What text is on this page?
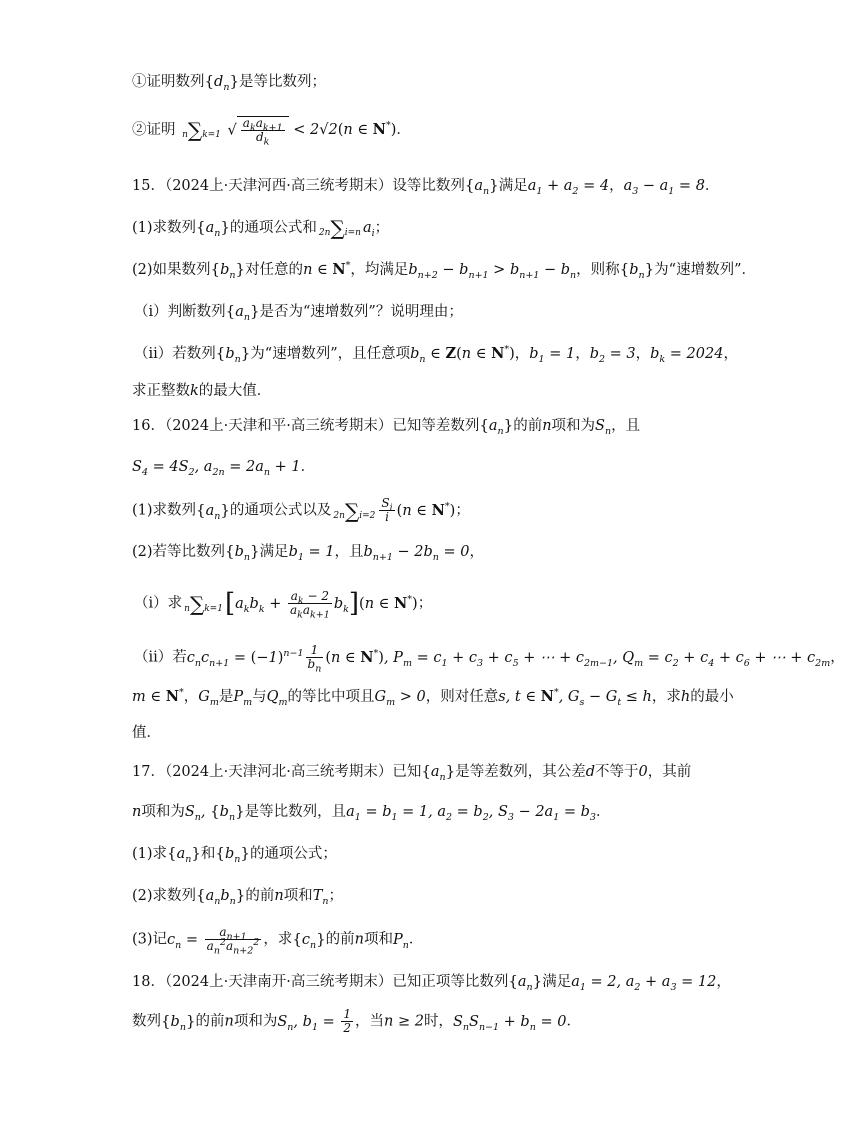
①证明数列$\{d_n\}$是等比数列；
②证明 n∑k=1 √ $\frac{a_ka_{k+1}}{d_k} < 2√2(n$ ∈ N*)．
15．（2024上·天津河西·高三统考期末）设等比数列$\{a_n\}$满足$a_1 + a_2 = 4$，$a_3 - a_1 = 8$．
(1)求数列$\{a_n\}$的通项公式和 2n∑i=n $a_i$；
(2)如果数列$\{b_n\}$对任意的n ∈ N*，均满足$b_{n+2} - b_{n+1} > b_{n+1} - b_n$，则称$\{b_n\}$为“速增数列”．
（ⅰ）判断数列$\{a_n\}$是否为“速增数列”？说明理由；
（ⅱ）若数列$\{b_n\}$为“速增数列”，且任意项$b_n$ ∈ Z(n ∈ N*)，$b_1 = 1$，$b_2 = 3$，$b_k = 2024$，
求正整数k的最大值．
16．（2024上·天津和平·高三统考期末）已知等差数列$\{a_n\}$的前n项和为$S_n$，且
$S_4 = 4S_2$, $a_{2n} = 2a_n + 1$．
(1)求数列$\{a_n\}$的通项公式以及 $2n\sum i=2 \frac{S_i}{i} (n$ ∈ N*)；
(2)若等比数列$\{b_n\}$满足$b_1 = 1$，且$b_{n+1} - 2b_n = 0$，
（ⅰ）求 $n\sum k=1[a_kb_k + \frac{a_k - 2}{a_ka_{k+1}} b_k](n$ ∈ N*)；
（ⅱ）若$c_nc_{n+1} = (-1)^{n-1} \frac{1}{b_n} (n$ ∈ N*), $P_m = c_1 + c_3 + c_5$ + ⋯ + $c_{2m-1}$, $Q_m = c_2 + c_4 + c_6$ + ⋯ + $c_{2m}$，
m ∈ N*，$G_m$是$P_m$与$Q_m$的等比中项且$G_m > 0$，则对任意s, t ∈ N*, $G_s - G_t \le h$，求h的最小
值．
17．（2024上·天津河北·高三统考期末）已知$\{a_n\}$是等差数列，其公差d不等于0，其前
n项和为$S_n$, $\{b_n\}$是等比数列，且$a_1 = b_1 = 1$, $a_2 = b_2$, $S_3 - 2a_1 = b_3$．
(1)求$\{a_n\}$和$\{b_n\}$的通项公式；
(2)求数列$\{a_nb_n\}$的前n项和$T_n$；
(3)记$c_n = \frac{a_{n+1}}{a_n^2a_{n+2}^2}$ ，求$\{c_n\}$的前n项和$P_n$．
18．（2024上·天津南开·高三统考期末）已知正项等比数列$\{a_n\}$满足$a_1 = 2$, $a_2 + a_3 = 12$，
数列$\{b_n\}$的前n项和为$S_n$, $b_1 = \frac{1}{2}$ ，当n ≥ 2时，$S_nS_{n-1} + b_n = 0$．
